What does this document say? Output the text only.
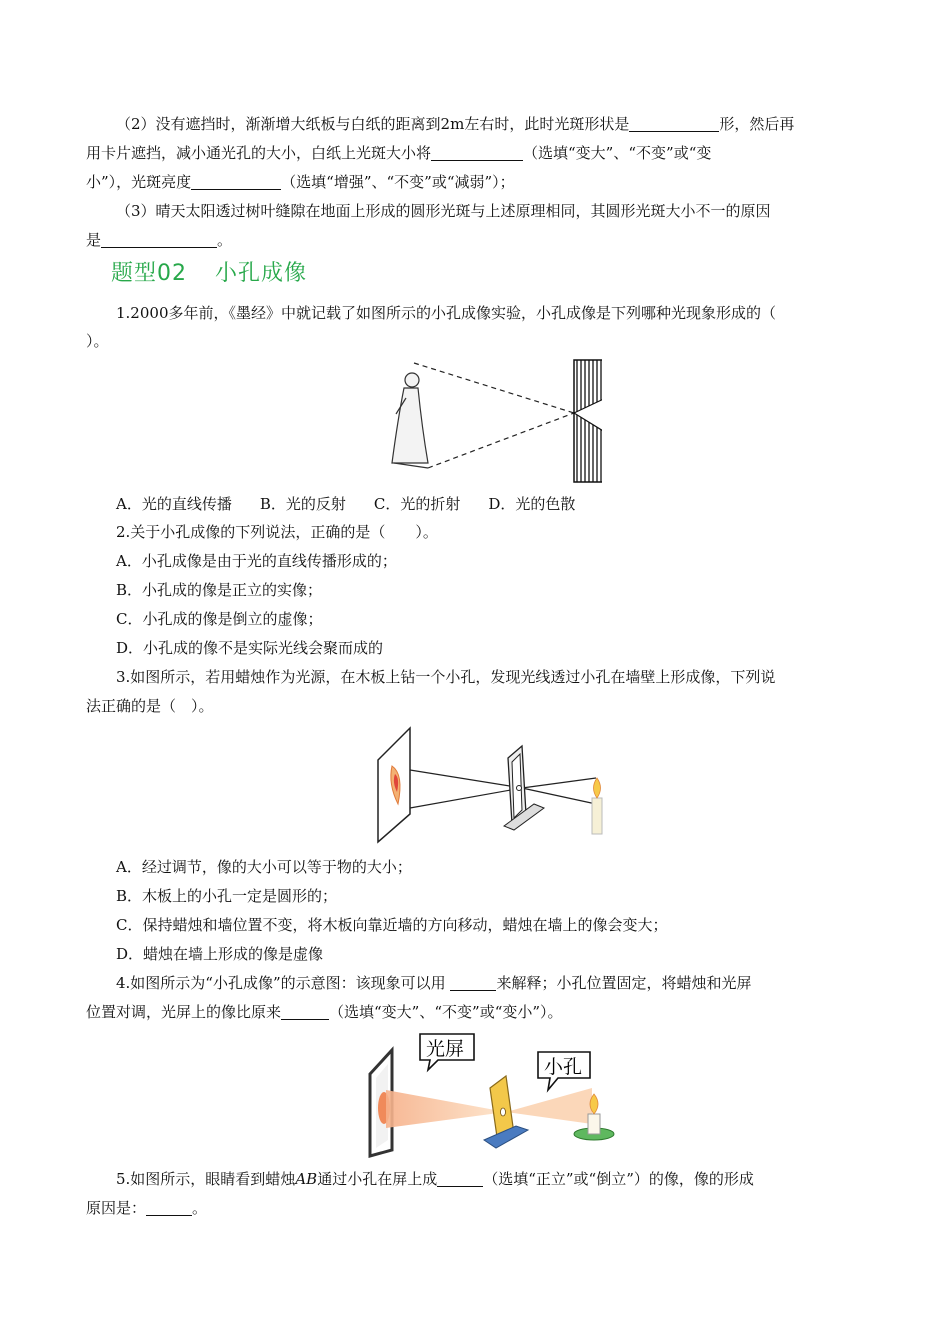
（2）没有遮挡时，渐渐增大纸板与白纸的距离到2m左右时，此时光斑形状是	形，然后再
用卡片遮挡，减小通光孔的大小，白纸上光斑大小将	（选填“变大”、“不变”或“变
小”），光斑亮度	（选填“增强”、“不变”或“减弱”）；
（3）晴天太阳透过树叶缝隙在地面上形成的圆形光斑与上述原理相同，其圆形光斑大小不一的原因
是	。
题型02 小孔成像
1.2000多年前，《墨经》中就记载了如图所示的小孔成像实验，小孔成像是下列哪种光现象形成的（
）。
A．光的直线传播 B．光的反射 C．光的折射 D．光的色散
2.关于小孔成像的下列说法，正确的是（　　）。
A．小孔成像是由于光的直线传播形成的；
B．小孔成的像是正立的实像；
C．小孔成的像是倒立的虚像；
D．小孔成的像不是实际光线会聚而成的
3.如图所示，若用蜡烛作为光源，在木板上钻一个小孔，发现光线透过小孔在墙壁上形成像，下列说
法正确的是（　）。
A．经过调节，像的大小可以等于物的大小；
B．木板上的小孔一定是圆形的；
C．保持蜡烛和墙位置不变，将木板向靠近墙的方向移动，蜡烛在墙上的像会变大；
D．蜡烛在墙上形成的像是虚像
4.如图所示为“小孔成像”的示意图：该现象可以用	来解释；小孔位置固定，将蜡烛和光屏
位置对调，光屏上的像比原来	（选填“变大”、“不变”或“变小”）。
光屏
小孔
5.如图所示，眼睛看到蜡烛AB通过小孔在屏上成	（选填“正立”或“倒立”）的像，像的形成
原因是：	。
